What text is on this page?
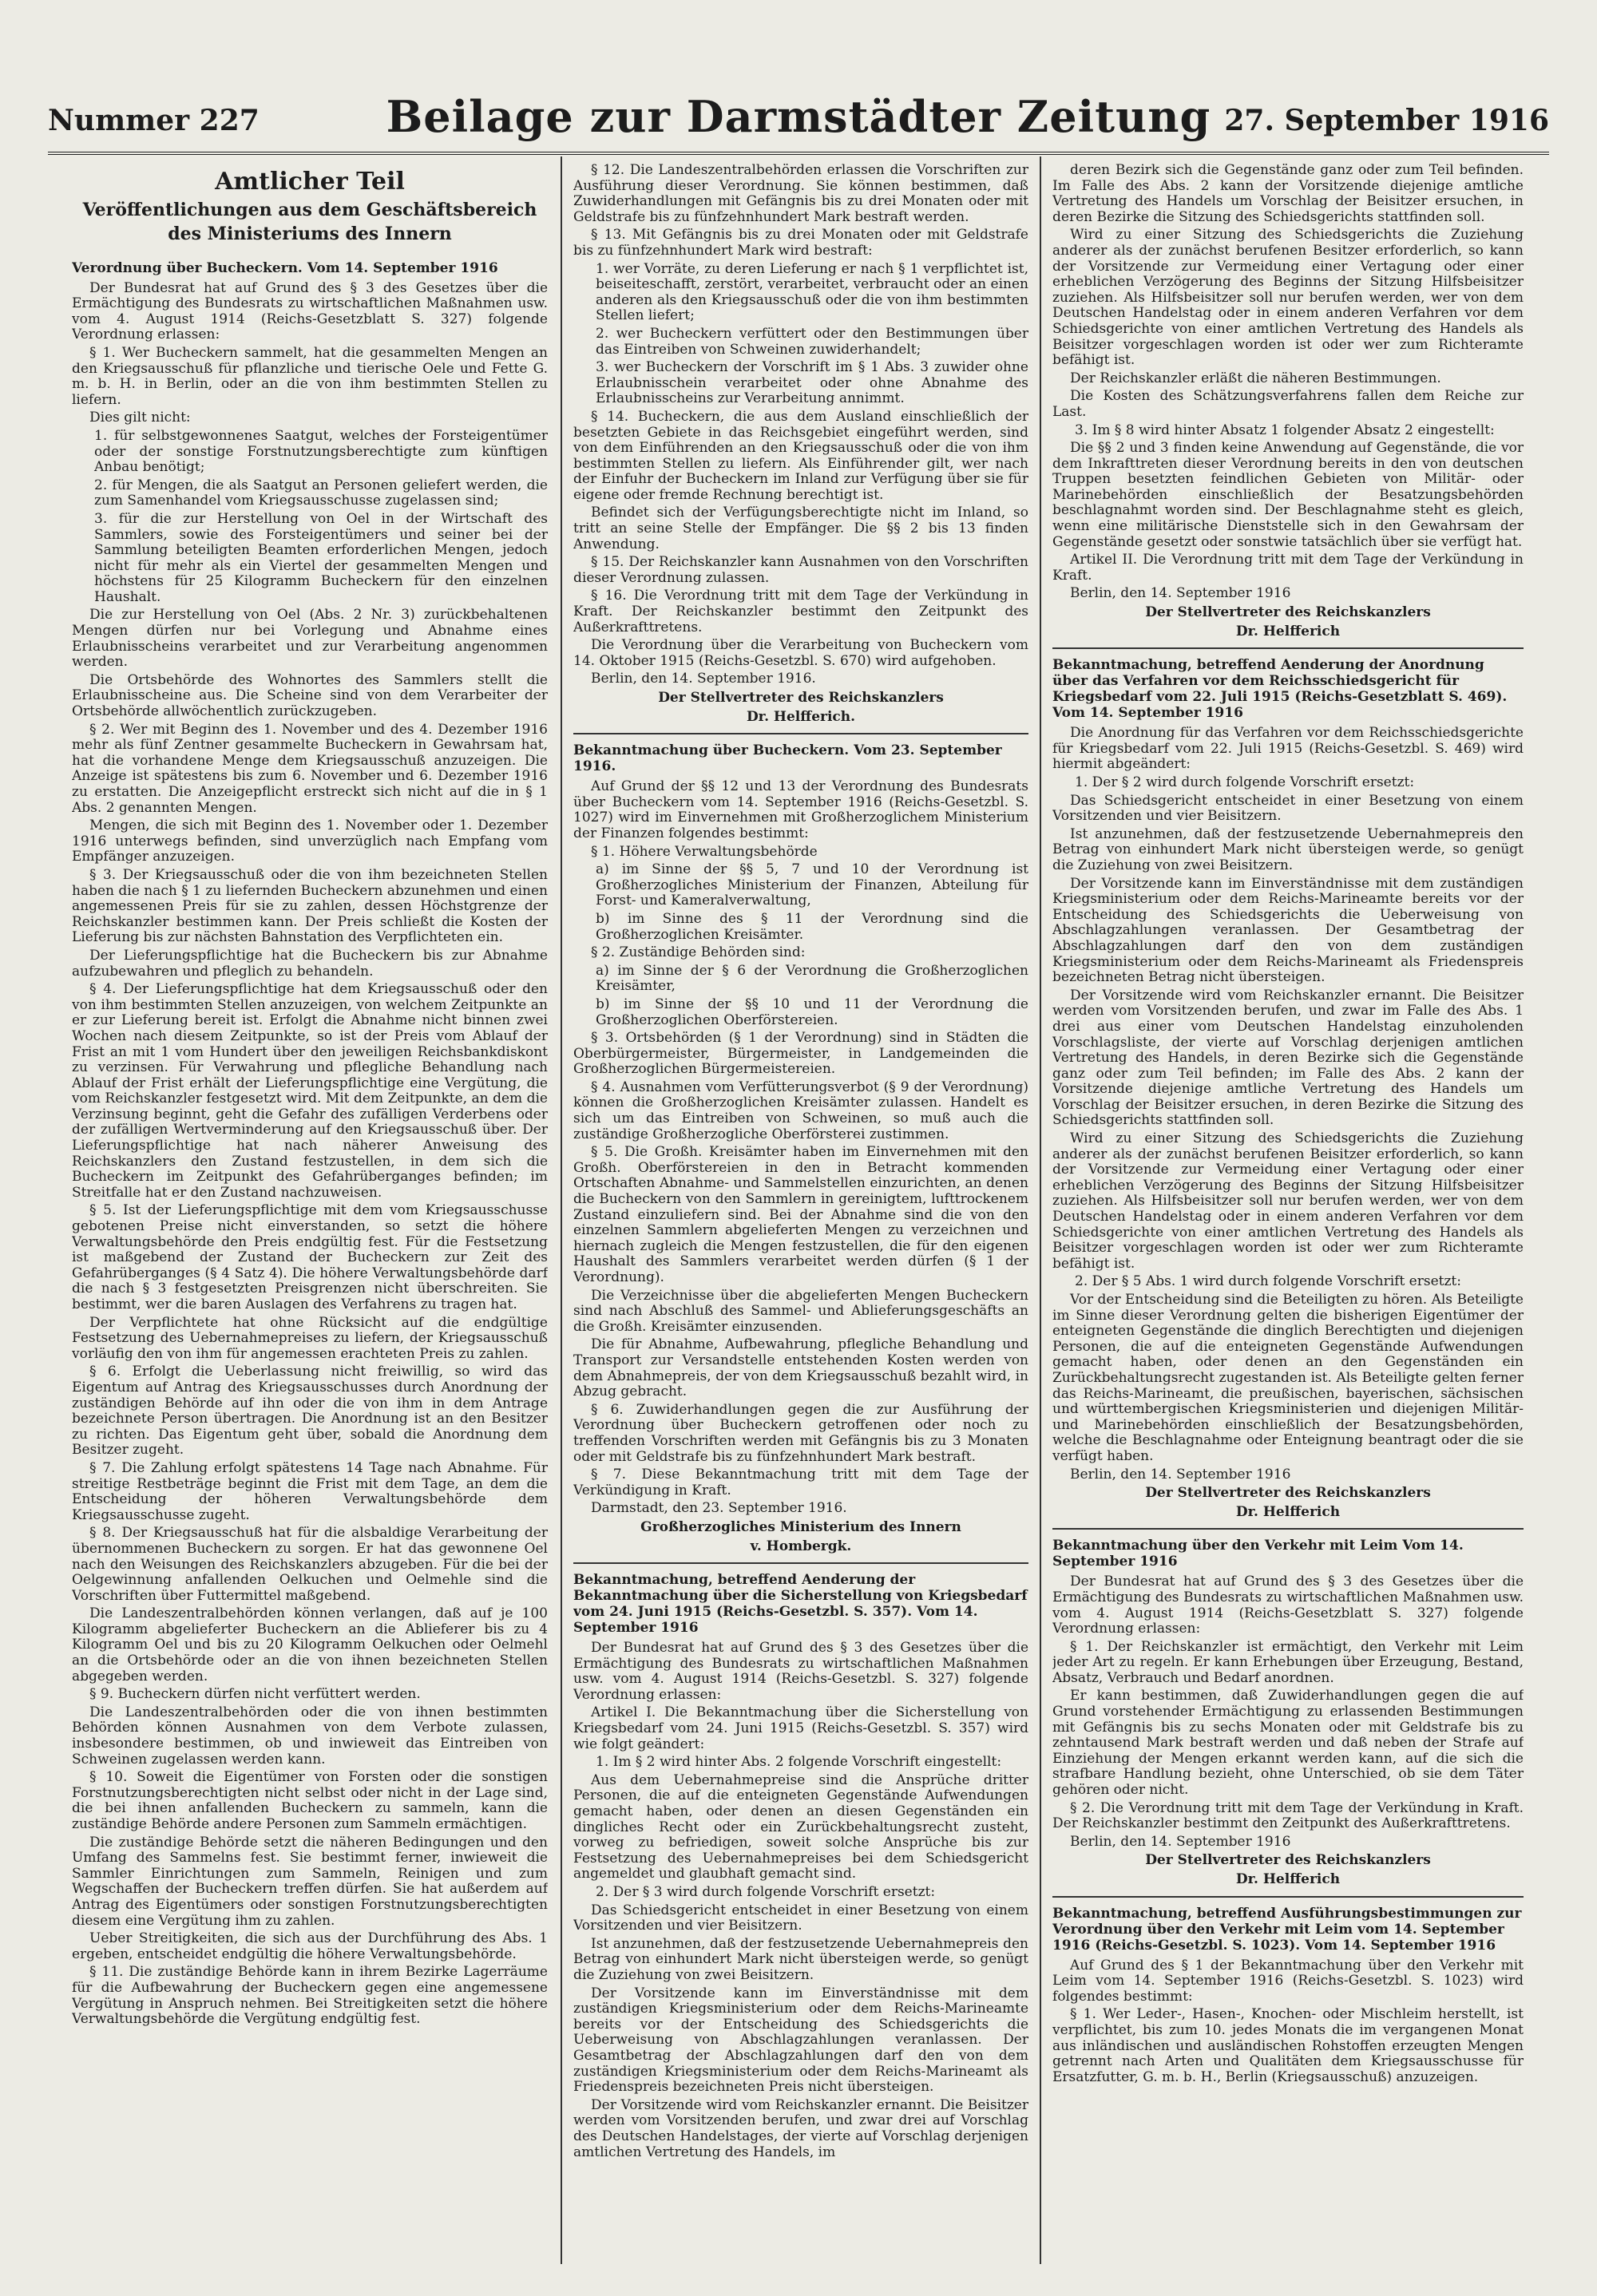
Nummer 227	Beilage zur Darmstädter Zeitung 27. September 1916
Amtlicher Teil
Veröffentlichungen aus dem Geschäftsbereich des Ministeriums des Innern
Verordnung über Bucheckern. Vom 14. September 1916

Der Bundesrat hat auf Grund des § 3 des Gesetzes über die Ermächtigung des Bundesrats zu wirtschaftlichen Maßnahmen usw. vom 4. August 1914 (Reichs-Gesetzblatt S. 327) folgende Verordnung erlassen:

§ 1. Wer Bucheckern sammelt, hat die gesammelten Mengen an den Kriegsausschuß für pflanzliche und tierische Oele und Fette G. m. b. H. in Berlin, oder an die von ihm bestimmten Stellen zu liefern.

Dies gilt nicht:

1. für selbstgewonnenes Saatgut, welches der Forsteigentümer oder der sonstige Forstnutzungsberechtigte zum künftigen Anbau benötigt;

2. für Mengen, die als Saatgut an Personen geliefert werden, die zum Samenhandel vom Kriegsausschusse zugelassen sind;

3. für die zur Herstellung von Oel in der Wirtschaft des Sammlers, sowie des Forsteigentümers und seiner bei der Sammlung beteiligten Beamten erforderlichen Mengen, jedoch nicht für mehr als ein Viertel der gesammelten Mengen und höchstens für 25 Kilogramm Bucheckern für den einzelnen Haushalt.

Die zur Herstellung von Oel (Abs. 2 Nr. 3) zurückbehaltenen Mengen dürfen nur bei Vorlegung und Abnahme eines Erlaubnisscheins verarbeitet und zur Verarbeitung angenommen werden.

Die Ortsbehörde des Wohnortes des Sammlers stellt die Erlaubnisscheine aus. Die Scheine sind von dem Verarbeiter der Ortsbehörde allwöchentlich zurückzugeben.

§ 2. Wer mit Beginn des 1. November und des 4. Dezember 1916 mehr als fünf Zentner gesammelte Bucheckern in Gewahrsam hat, hat die vorhandene Menge dem Kriegsausschuß anzuzeigen. Die Anzeige ist spätestens bis zum 6. November und 6. Dezember 1916 zu erstatten. Die Anzeigepflicht erstreckt sich nicht auf die in § 1 Abs. 2 genannten Mengen.

Mengen, die sich mit Beginn des 1. November oder 1. Dezember 1916 unterwegs befinden, sind unverzüglich nach Empfang vom Empfänger anzuzeigen.

§ 3. Der Kriegsausschuß oder die von ihm bezeichneten Stellen haben die nach § 1 zu liefernden Bucheckern abzunehmen und einen angemessenen Preis für sie zu zahlen, dessen Höchstgrenze der Reichskanzler bestimmen kann. Der Preis schließt die Kosten der Lieferung bis zur nächsten Bahnstation des Verpflichteten ein.

Der Lieferungspflichtige hat die Bucheckern bis zur Abnahme aufzubewahren und pfleglich zu behandeln.

§ 4. Der Lieferungspflichtige hat dem Kriegsausschuß oder den von ihm bestimmten Stellen anzuzeigen, von welchem Zeitpunkte an er zur Lieferung bereit ist. Erfolgt die Abnahme nicht binnen zwei Wochen nach diesem Zeitpunkte, so ist der Preis vom Ablauf der Frist an mit 1 vom Hundert über den jeweiligen Reichsbankdiskont zu verzinsen. Für Verwahrung und pflegliche Behandlung nach Ablauf der Frist erhält der Lieferungspflichtige eine Vergütung, die vom Reichskanzler festgesetzt wird. Mit dem Zeitpunkte, an dem die Verzinsung beginnt, geht die Gefahr des zufälligen Verderbens oder der zufälligen Wertverminderung auf den Kriegsausschuß über. Der Lieferungspflichtige hat nach näherer Anweisung des Reichskanzlers den Zustand festzustellen, in dem sich die Bucheckern im Zeitpunkt des Gefahrüberganges befinden; im Streitfalle hat er den Zustand nachzuweisen.

§ 5. Ist der Lieferungspflichtige mit dem vom Kriegsausschusse gebotenen Preise nicht einverstanden, so setzt die höhere Verwaltungsbehörde den Preis endgültig fest. Für die Festsetzung ist maßgebend der Zustand der Bucheckern zur Zeit des Gefahrüberganges (§ 4 Satz 4). Die höhere Verwaltungsbehörde darf die nach § 3 festgesetzten Preisgrenzen nicht überschreiten. Sie bestimmt, wer die baren Auslagen des Verfahrens zu tragen hat.

Der Verpflichtete hat ohne Rücksicht auf die endgültige Festsetzung des Uebernahmepreises zu liefern, der Kriegsausschuß vorläufig den von ihm für angemessen erachteten Preis zu zahlen.

§ 6. Erfolgt die Ueberlassung nicht freiwillig, so wird das Eigentum auf Antrag des Kriegsausschusses durch Anordnung der zuständigen Behörde auf ihn oder die von ihm in dem Antrage bezeichnete Person übertragen. Die Anordnung ist an den Besitzer zu richten. Das Eigentum geht über, sobald die Anordnung dem Besitzer zugeht.

§ 7. Die Zahlung erfolgt spätestens 14 Tage nach Abnahme. Für streitige Restbeträge beginnt die Frist mit dem Tage, an dem die Entscheidung der höheren Verwaltungsbehörde dem Kriegsausschusse zugeht.

§ 8. Der Kriegsausschuß hat für die alsbaldige Verarbeitung der übernommenen Bucheckern zu sorgen. Er hat das gewonnene Oel nach den Weisungen des Reichskanzlers abzugeben. Für die bei der Oelgewinnung anfallenden Oelkuchen und Oelmehle sind die Vorschriften über Futtermittel maßgebend.

Die Landeszentralbehörden können verlangen, daß auf je 100 Kilogramm abgelieferter Bucheckern an die Ablieferer bis zu 4 Kilogramm Oel und bis zu 20 Kilogramm Oelkuchen oder Oelmehl an die Ortsbehörde oder an die von ihnen bezeichneten Stellen abgegeben werden.

§ 9. Bucheckern dürfen nicht verfüttert werden.

Die Landeszentralbehörden oder die von ihnen bestimmten Behörden können Ausnahmen von dem Verbote zulassen, insbesondere bestimmen, ob und inwieweit das Eintreiben von Schweinen zugelassen werden kann.

§ 10. Soweit die Eigentümer von Forsten oder die sonstigen Forstnutzungsberechtigten nicht selbst oder nicht in der Lage sind, die bei ihnen anfallenden Bucheckern zu sammeln, kann die zuständige Behörde andere Personen zum Sammeln ermächtigen.

Die zuständige Behörde setzt die näheren Bedingungen und den Umfang des Sammelns fest. Sie bestimmt ferner, inwieweit die Sammler Einrichtungen zum Sammeln, Reinigen und zum Wegschaffen der Bucheckern treffen dürfen. Sie hat außerdem auf Antrag des Eigentümers oder sonstigen Forstnutzungsberechtigten diesem eine Vergütung ihm zu zahlen.

Ueber Streitigkeiten, die sich aus der Durchführung des Abs. 1 ergeben, entscheidet endgültig die höhere Verwaltungsbehörde.

§ 11. Die zuständige Behörde kann in ihrem Bezirke Lagerräume für die Aufbewahrung der Bucheckern gegen eine angemessene Vergütung in Anspruch nehmen. Bei Streitigkeiten setzt die höhere Verwaltungsbehörde die Vergütung endgültig fest.

§ 12. Die Landeszentralbehörden erlassen die Vorschriften zur Ausführung dieser Verordnung. Sie können bestimmen, daß Zuwiderhandlungen mit Gefängnis bis zu drei Monaten oder mit Geldstrafe bis zu fünfzehnhundert Mark bestraft werden.

§ 13. Mit Gefängnis bis zu drei Monaten oder mit Geldstrafe bis zu fünfzehnhundert Mark wird bestraft:

1. wer Vorräte, zu deren Lieferung er nach § 1 verpflichtet ist, beiseiteschafft, zerstört, verarbeitet, verbraucht oder an einen anderen als den Kriegsausschuß oder die von ihm bestimmten Stellen liefert;

2. wer Bucheckern verfüttert oder den Bestimmungen über das Eintreiben von Schweinen zuwiderhandelt;

3. wer Bucheckern der Vorschrift im § 1 Abs. 3 zuwider ohne Erlaubnisschein verarbeitet oder ohne Abnahme des Erlaubnisscheins zur Verarbeitung annimmt.

§ 14. Bucheckern, die aus dem Ausland einschließlich der besetzten Gebiete in das Reichsgebiet eingeführt werden, sind von dem Einführenden an den Kriegsausschuß oder die von ihm bestimmten Stellen zu liefern. Als Einführender gilt, wer nach der Einfuhr der Bucheckern im Inland zur Verfügung über sie für eigene oder fremde Rechnung berechtigt ist.

Befindet sich der Verfügungsberechtigte nicht im Inland, so tritt an seine Stelle der Empfänger. Die §§ 2 bis 13 finden Anwendung.

§ 15. Der Reichskanzler kann Ausnahmen von den Vorschriften dieser Verordnung zulassen.

§ 16. Die Verordnung tritt mit dem Tage der Verkündung in Kraft. Der Reichskanzler bestimmt den Zeitpunkt des Außerkrafttretens.

Die Verordnung über die Verarbeitung von Bucheckern vom 14. Oktober 1915 (Reichs-Gesetzbl. S. 670) wird aufgehoben.

Berlin, den 14. September 1916.

Der Stellvertreter des Reichskanzlers

Dr. Helfferich.

Bekanntmachung über Bucheckern. Vom 23. September 1916.

Auf Grund der §§ 12 und 13 der Verordnung des Bundesrats über Bucheckern vom 14. September 1916 (Reichs-Gesetzbl. S. 1027) wird im Einvernehmen mit Großherzoglichem Ministerium der Finanzen folgendes bestimmt:

§ 1. Höhere Verwaltungsbehörde

a) im Sinne der §§ 5, 7 und 10 der Verordnung ist Großherzogliches Ministerium der Finanzen, Abteilung für Forst- und Kameralverwaltung,

b) im Sinne des § 11 der Verordnung sind die Großherzoglichen Kreisämter.

§ 2. Zuständige Behörden sind:

a) im Sinne der § 6 der Verordnung die Großherzoglichen Kreisämter,

b) im Sinne der §§ 10 und 11 der Verordnung die Großherzoglichen Oberförstereien.

§ 3. Ortsbehörden (§ 1 der Verordnung) sind in Städten die Oberbürgermeister, Bürgermeister, in Landgemeinden die Großherzoglichen Bürgermeistereien.

§ 4. Ausnahmen vom Verfütterungsverbot (§ 9 der Verordnung) können die Großherzoglichen Kreisämter zulassen. Handelt es sich um das Eintreiben von Schweinen, so muß auch die zuständige Großherzogliche Oberförsterei zustimmen.

§ 5. Die Großh. Kreisämter haben im Einvernehmen mit den Großh. Oberförstereien in den in Betracht kommenden Ortschaften Abnahme- und Sammelstellen einzurichten, an denen die Bucheckern von den Sammlern in gereinigtem, lufttrockenem Zustand einzuliefern sind. Bei der Abnahme sind die von den einzelnen Sammlern abgelieferten Mengen zu verzeichnen und hiernach zugleich die Mengen festzustellen, die für den eigenen Haushalt des Sammlers verarbeitet werden dürfen (§ 1 der Verordnung).

Die Verzeichnisse über die abgelieferten Mengen Bucheckern sind nach Abschluß des Sammel- und Ablieferungsgeschäfts an die Großh. Kreisämter einzusenden.

Die für Abnahme, Aufbewahrung, pflegliche Behandlung und Transport zur Versandstelle entstehenden Kosten werden von dem Abnahmepreis, der von dem Kriegsausschuß bezahlt wird, in Abzug gebracht.

§ 6. Zuwiderhandlungen gegen die zur Ausführung der Verordnung über Bucheckern getroffenen oder noch zu treffenden Vorschriften werden mit Gefängnis bis zu 3 Monaten oder mit Geldstrafe bis zu fünfzehnhundert Mark bestraft.

§ 7. Diese Bekanntmachung tritt mit dem Tage der Verkündigung in Kraft.

Darmstadt, den 23. September 1916.

Großherzogliches Ministerium des Innern

v. Hombergk.

Bekanntmachung, betreffend Aenderung der Bekanntmachung über die Sicherstellung von Kriegsbedarf vom 24. Juni 1915 (Reichs-Gesetzbl. S. 357). Vom 14. September 1916

Der Bundesrat hat auf Grund des § 3 des Gesetzes über die Ermächtigung des Bundesrats zu wirtschaftlichen Maßnahmen usw. vom 4. August 1914 (Reichs-Gesetzbl. S. 327) folgende Verordnung erlassen:

Artikel I. Die Bekanntmachung über die Sicherstellung von Kriegsbedarf vom 24. Juni 1915 (Reichs-Gesetzbl. S. 357) wird wie folgt geändert:

1. Im § 2 wird hinter Abs. 2 folgende Vorschrift eingestellt:

Aus dem Uebernahmepreise sind die Ansprüche dritter Personen, die auf die enteigneten Gegenstände Aufwendungen gemacht haben, oder denen an diesen Gegenständen ein dingliches Recht oder ein Zurückbehaltungsrecht zusteht, vorweg zu befriedigen, soweit solche Ansprüche bis zur Festsetzung des Uebernahmepreises bei dem Schiedsgericht angemeldet und glaubhaft gemacht sind.

2. Der § 3 wird durch folgende Vorschrift ersetzt:

Das Schiedsgericht entscheidet in einer Besetzung von einem Vorsitzenden und vier Beisitzern.

Ist anzunehmen, daß der festzusetzende Uebernahmepreis den Betrag von einhundert Mark nicht übersteigen werde, so genügt die Zuziehung von zwei Beisitzern.

Der Vorsitzende kann im Einverständnisse mit dem zuständigen Kriegsministerium oder dem Reichs-Marineamte bereits vor der Entscheidung des Schiedsgerichts die Ueberweisung von Abschlagzahlungen veranlassen. Der Gesamtbetrag der Abschlagzahlungen darf den von dem zuständigen Kriegsministerium oder dem Reichs-Marineamt als Friedenspreis bezeichneten Preis nicht übersteigen.

Der Vorsitzende wird vom Reichskanzler ernannt. Die Beisitzer werden vom Vorsitzenden berufen, und zwar drei auf Vorschlag des Deutschen Handelstages, der vierte auf Vorschlag derjenigen amtlichen Vertretung des Handels, im

deren Bezirk sich die Gegenstände ganz oder zum Teil befinden. Im Falle des Abs. 2 kann der Vorsitzende diejenige amtliche Vertretung des Handels um Vorschlag der Beisitzer ersuchen, in deren Bezirke die Sitzung des Schiedsgerichts stattfinden soll.

Wird zu einer Sitzung des Schiedsgerichts die Zuziehung anderer als der zunächst berufenen Besitzer erforderlich, so kann der Vorsitzende zur Vermeidung einer Vertagung oder einer erheblichen Verzögerung des Beginns der Sitzung Hilfsbeisitzer zuziehen. Als Hilfsbeisitzer soll nur berufen werden, wer von dem Deutschen Handelstag oder in einem anderen Verfahren vor dem Schiedsgerichte von einer amtlichen Vertretung des Handels als Beisitzer vorgeschlagen worden ist oder wer zum Richteramte befähigt ist.

Der Reichskanzler erläßt die näheren Bestimmungen.

Die Kosten des Schätzungsverfahrens fallen dem Reiche zur Last.

3. Im § 8 wird hinter Absatz 1 folgender Absatz 2 eingestellt:

Die §§ 2 und 3 finden keine Anwendung auf Gegenstände, die vor dem Inkrafttreten dieser Verordnung bereits in den von deutschen Truppen besetzten feindlichen Gebieten von Militär- oder Marinebehörden einschließlich der Besatzungsbehörden beschlagnahmt worden sind. Der Beschlagnahme steht es gleich, wenn eine militärische Dienststelle sich in den Gewahrsam der Gegenstände gesetzt oder sonstwie tatsächlich über sie verfügt hat.

Artikel II. Die Verordnung tritt mit dem Tage der Verkündung in Kraft.

Berlin, den 14. September 1916

Der Stellvertreter des Reichskanzlers

Dr. Helfferich

Bekanntmachung, betreffend Aenderung der Anordnung über das Verfahren vor dem Reichsschiedsgericht für Kriegsbedarf vom 22. Juli 1915 (Reichs-Gesetzblatt S. 469). Vom 14. September 1916

Die Anordnung für das Verfahren vor dem Reichsschiedsgerichte für Kriegsbedarf vom 22. Juli 1915 (Reichs-Gesetzbl. S. 469) wird hiermit abgeändert:

1. Der § 2 wird durch folgende Vorschrift ersetzt:

Das Schiedsgericht entscheidet in einer Besetzung von einem Vorsitzenden und vier Beisitzern.

Ist anzunehmen, daß der festzusetzende Uebernahmepreis den Betrag von einhundert Mark nicht übersteigen werde, so genügt die Zuziehung von zwei Beisitzern.

Der Vorsitzende kann im Einverständnisse mit dem zuständigen Kriegsministerium oder dem Reichs-Marineamte bereits vor der Entscheidung des Schiedsgerichts die Ueberweisung von Abschlagzahlungen veranlassen. Der Gesamtbetrag der Abschlagzahlungen darf den von dem zuständigen Kriegsministerium oder dem Reichs-Marineamt als Friedenspreis bezeichneten Betrag nicht übersteigen.

Der Vorsitzende wird vom Reichskanzler ernannt. Die Beisitzer werden vom Vorsitzenden berufen, und zwar im Falle des Abs. 1 drei aus einer vom Deutschen Handelstag einzuholenden Vorschlagsliste, der vierte auf Vorschlag derjenigen amtlichen Vertretung des Handels, in deren Bezirke sich die Gegenstände ganz oder zum Teil befinden; im Falle des Abs. 2 kann der Vorsitzende diejenige amtliche Vertretung des Handels um Vorschlag der Beisitzer ersuchen, in deren Bezirke die Sitzung des Schiedsgerichts stattfinden soll.

Wird zu einer Sitzung des Schiedsgerichts die Zuziehung anderer als der zunächst berufenen Beisitzer erforderlich, so kann der Vorsitzende zur Vermeidung einer Vertagung oder einer erheblichen Verzögerung des Beginns der Sitzung Hilfsbeisitzer zuziehen. Als Hilfsbeisitzer soll nur berufen werden, wer von dem Deutschen Handelstag oder in einem anderen Verfahren vor dem Schiedsgerichte von einer amtlichen Vertretung des Handels als Beisitzer vorgeschlagen worden ist oder wer zum Richteramte befähigt ist.

2. Der § 5 Abs. 1 wird durch folgende Vorschrift ersetzt:

Vor der Entscheidung sind die Beteiligten zu hören. Als Beteiligte im Sinne dieser Verordnung gelten die bisherigen Eigentümer der enteigneten Gegenstände die dinglich Berechtigten und diejenigen Personen, die auf die enteigneten Gegenstände Aufwendungen gemacht haben, oder denen an den Gegenständen ein Zurückbehaltungsrecht zugestanden ist. Als Beteiligte gelten ferner das Reichs-Marineamt, die preußischen, bayerischen, sächsischen und württembergischen Kriegsministerien und diejenigen Militär- und Marinebehörden einschließlich der Besatzungsbehörden, welche die Beschlagnahme oder Enteignung beantragt oder die sie verfügt haben.

Berlin, den 14. September 1916

Der Stellvertreter des Reichskanzlers

Dr. Helfferich

Bekanntmachung über den Verkehr mit Leim Vom 14. September 1916

Der Bundesrat hat auf Grund des § 3 des Gesetzes über die Ermächtigung des Bundesrats zu wirtschaftlichen Maßnahmen usw. vom 4. August 1914 (Reichs-Gesetzblatt S. 327) folgende Verordnung erlassen:

§ 1. Der Reichskanzler ist ermächtigt, den Verkehr mit Leim jeder Art zu regeln. Er kann Erhebungen über Erzeugung, Bestand, Absatz, Verbrauch und Bedarf anordnen.

Er kann bestimmen, daß Zuwiderhandlungen gegen die auf Grund vorstehender Ermächtigung zu erlassenden Bestimmungen mit Gefängnis bis zu sechs Monaten oder mit Geldstrafe bis zu zehntausend Mark bestraft werden und daß neben der Strafe auf Einziehung der Mengen erkannt werden kann, auf die sich die strafbare Handlung bezieht, ohne Unterschied, ob sie dem Täter gehören oder nicht.

§ 2. Die Verordnung tritt mit dem Tage der Verkündung in Kraft. Der Reichskanzler bestimmt den Zeitpunkt des Außerkrafttretens.

Berlin, den 14. September 1916

Der Stellvertreter des Reichskanzlers

Dr. Helfferich

Bekanntmachung, betreffend Ausführungsbestimmungen zur Verordnung über den Verkehr mit Leim vom 14. September 1916 (Reichs-Gesetzbl. S. 1023). Vom 14. September 1916

Auf Grund des § 1 der Bekanntmachung über den Verkehr mit Leim vom 14. September 1916 (Reichs-Gesetzbl. S. 1023) wird folgendes bestimmt:

§ 1. Wer Leder-, Hasen-, Knochen- oder Mischleim herstellt, ist verpflichtet, bis zum 10. jedes Monats die im vergangenen Monat aus inländischen und ausländischen Rohstoffen erzeugten Mengen getrennt nach Arten und Qualitäten dem Kriegsausschusse für Ersatzfutter, G. m. b. H., Berlin (Kriegsausschuß) anzuzeigen.
